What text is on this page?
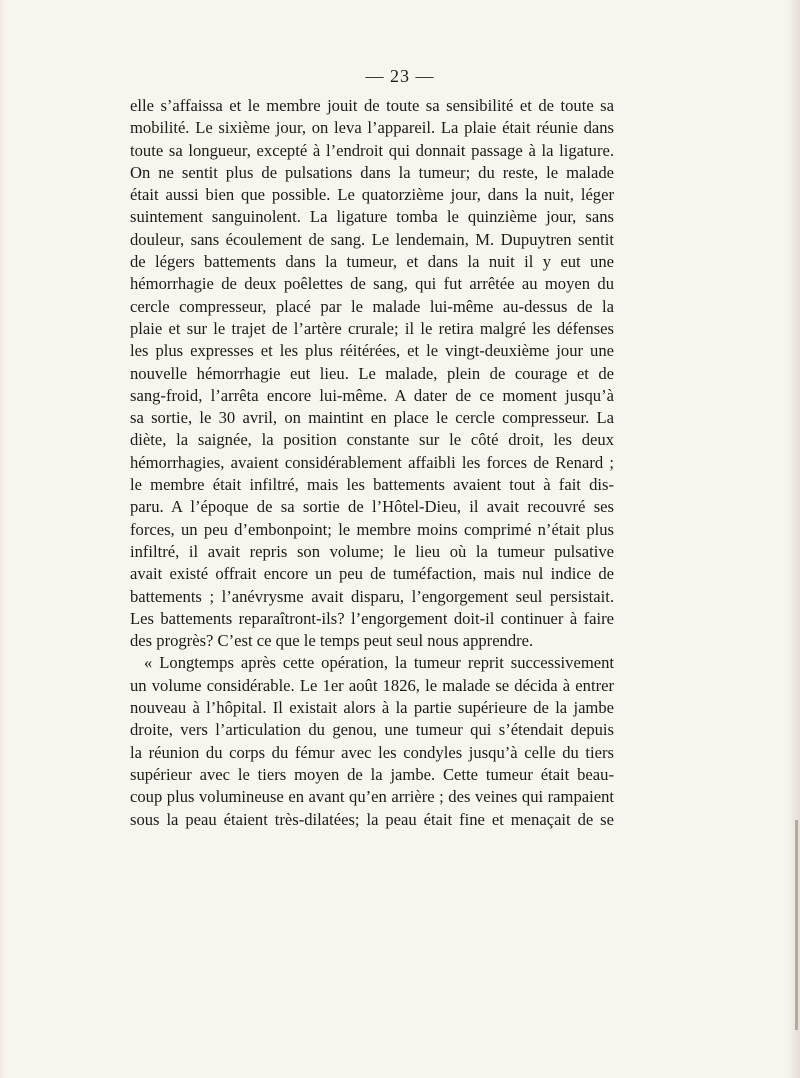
— 23 —
elle s’affaissa et le membre jouit de toute sa sensibilité et de toute sa
mobilité. Le sixième jour, on leva l’appareil. La plaie était réunie dans
toute sa longueur, excepté à l’endroit qui donnait passage à la ligature.
On ne sentit plus de pulsations dans la tumeur; du reste, le malade
était aussi bien que possible. Le quatorzième jour, dans la nuit, léger
suintement sanguinolent. La ligature tomba le quinzième jour, sans
douleur, sans écoulement de sang. Le lendemain, M. Dupuytren sentit
de légers battements dans la tumeur, et dans la nuit il y eut une
hémorrhagie de deux poêlettes de sang, qui fut arrêtée au moyen du
cercle compresseur, placé par le malade lui-même au-dessus de la
plaie et sur le trajet de l’artère crurale; il le retira malgré les défenses
les plus expresses et les plus réitérées, et le vingt-deuxième jour une
nouvelle hémorrhagie eut lieu. Le malade, plein de courage et de
sang-froid, l’arrêta encore lui-même. A dater de ce moment jusqu’à
sa sortie, le 30 avril, on maintint en place le cercle compresseur. La
diète, la saignée, la position constante sur le côté droit, les deux
hémorrhagies, avaient considérablement affaibli les forces de Renard ;
le membre était infiltré, mais les battements avaient tout à fait dis-
paru. A l’époque de sa sortie de l’Hôtel-Dieu, il avait recouvré ses
forces, un peu d’embonpoint; le membre moins comprimé n’était plus
infiltré, il avait repris son volume; le lieu où la tumeur pulsative
avait existé offrait encore un peu de tuméfaction, mais nul indice de
battements ; l’anévrysme avait disparu, l’engorgement seul persistait.
Les battements reparaîtront-ils? l’engorgement doit-il continuer à faire
des progrès? C’est ce que le temps peut seul nous apprendre.
« Longtemps après cette opération, la tumeur reprit successivement
un volume considérable. Le 1er août 1826, le malade se décida à entrer
nouveau à l’hôpital. Il existait alors à la partie supérieure de la jambe
droite, vers l’articulation du genou, une tumeur qui s’étendait depuis
la réunion du corps du fémur avec les condyles jusqu’à celle du tiers
supérieur avec le tiers moyen de la jambe. Cette tumeur était beau-
coup plus volumineuse en avant qu’en arrière ; des veines qui rampaient
sous la peau étaient très-dilatées; la peau était fine et menaçait de se
